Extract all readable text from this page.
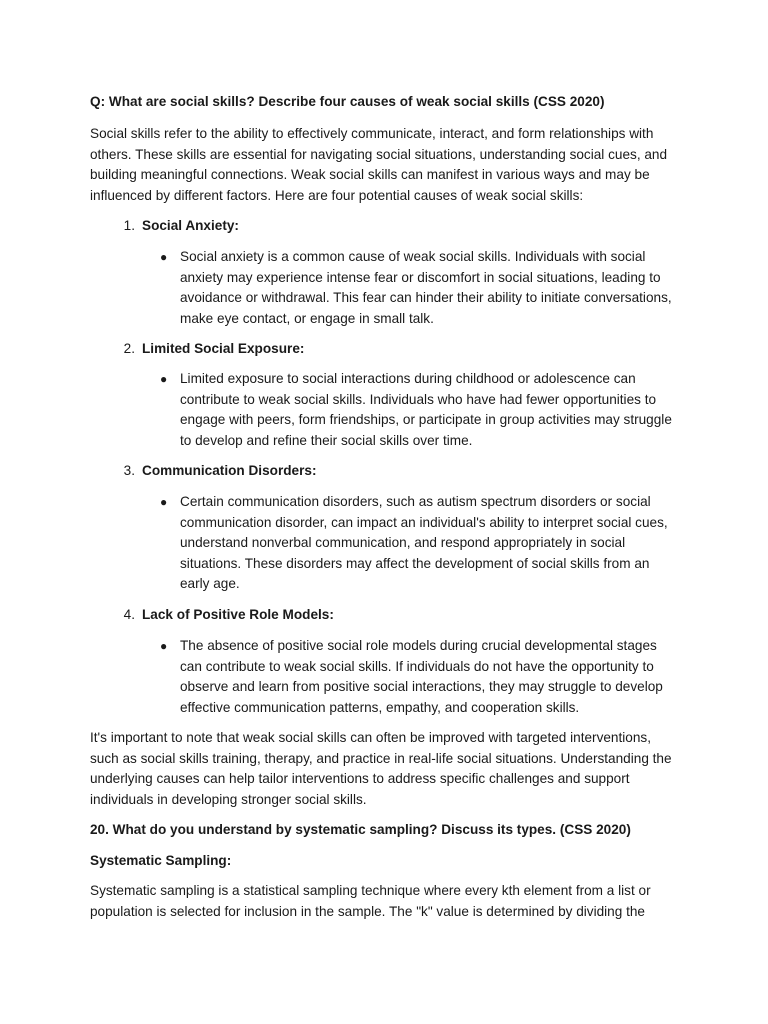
Q: What are social skills? Describe four causes of weak social skills (CSS 2020)

Social skills refer to the ability to effectively communicate, interact, and form relationships with others. These skills are essential for navigating social situations, understanding social cues, and building meaningful connections. Weak social skills can manifest in various ways and may be influenced by different factors. Here are four potential causes of weak social skills:

1. Social Anxiety:
● Social anxiety is a common cause of weak social skills. Individuals with social anxiety may experience intense fear or discomfort in social situations, leading to avoidance or withdrawal. This fear can hinder their ability to initiate conversations, make eye contact, or engage in small talk.
2. Limited Social Exposure:
● Limited exposure to social interactions during childhood or adolescence can contribute to weak social skills. Individuals who have had fewer opportunities to engage with peers, form friendships, or participate in group activities may struggle to develop and refine their social skills over time.
3. Communication Disorders:
● Certain communication disorders, such as autism spectrum disorders or social communication disorder, can impact an individual's ability to interpret social cues, understand nonverbal communication, and respond appropriately in social situations. These disorders may affect the development of social skills from an early age.
4. Lack of Positive Role Models:
● The absence of positive social role models during crucial developmental stages can contribute to weak social skills. If individuals do not have the opportunity to observe and learn from positive social interactions, they may struggle to develop effective communication patterns, empathy, and cooperation skills.

It's important to note that weak social skills can often be improved with targeted interventions, such as social skills training, therapy, and practice in real-life social situations. Understanding the underlying causes can help tailor interventions to address specific challenges and support individuals in developing stronger social skills.

20. What do you understand by systematic sampling? Discuss its types. (CSS 2020)

Systematic Sampling:

Systematic sampling is a statistical sampling technique where every kth element from a list or population is selected for inclusion in the sample. The "k" value is determined by dividing the
